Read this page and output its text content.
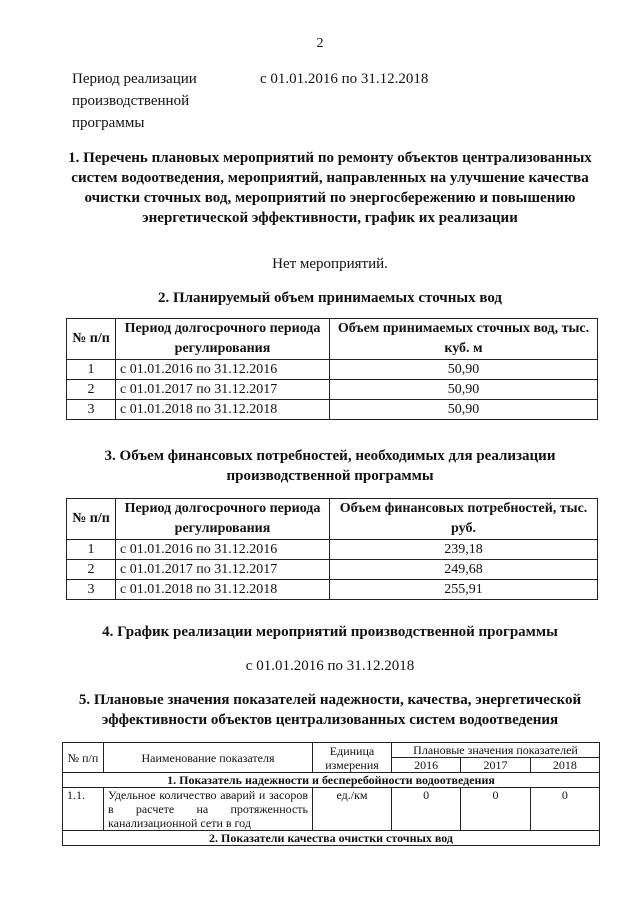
2
Период реализации производственной программы
с 01.01.2016 по 31.12.2018
1. Перечень плановых мероприятий по ремонту объектов централизованных систем водоотведения, мероприятий, направленных на улучшение качества очистки сточных вод, мероприятий по энергосбережению и повышению энергетической эффективности, график их реализации
Нет мероприятий.
2. Планируемый объем принимаемых сточных вод
№ п/п	Период долгосрочного периода регулирования	Объем принимаемых сточных вод, тыс. куб. м
1	с 01.01.2016 по 31.12.2016	50,90
2	с 01.01.2017 по 31.12.2017	50,90
3	с 01.01.2018 по 31.12.2018	50,90
3. Объем финансовых потребностей, необходимых для реализации производственной программы
№ п/п	Период долгосрочного периода регулирования	Объем финансовых потребностей, тыс. руб.
1	с 01.01.2016 по 31.12.2016	239,18
2	с 01.01.2017 по 31.12.2017	249,68
3	с 01.01.2018 по 31.12.2018	255,91
4. График реализации мероприятий производственной программы
с 01.01.2016 по 31.12.2018
5. Плановые значения показателей надежности, качества, энергетической эффективности объектов централизованных систем водоотведения
№ п/п	Наименование показателя	Единица измерения	Плановые значения показателей		
			2016	2017	2018
1. Показатель надежности и бесперебойности водоотведения					
1.1.	Удельное количество аварий и засоров в расчете на протяженность канализационной сети в год	ед./км	0	0	0
2. Показатели качества очистки сточных вод					
